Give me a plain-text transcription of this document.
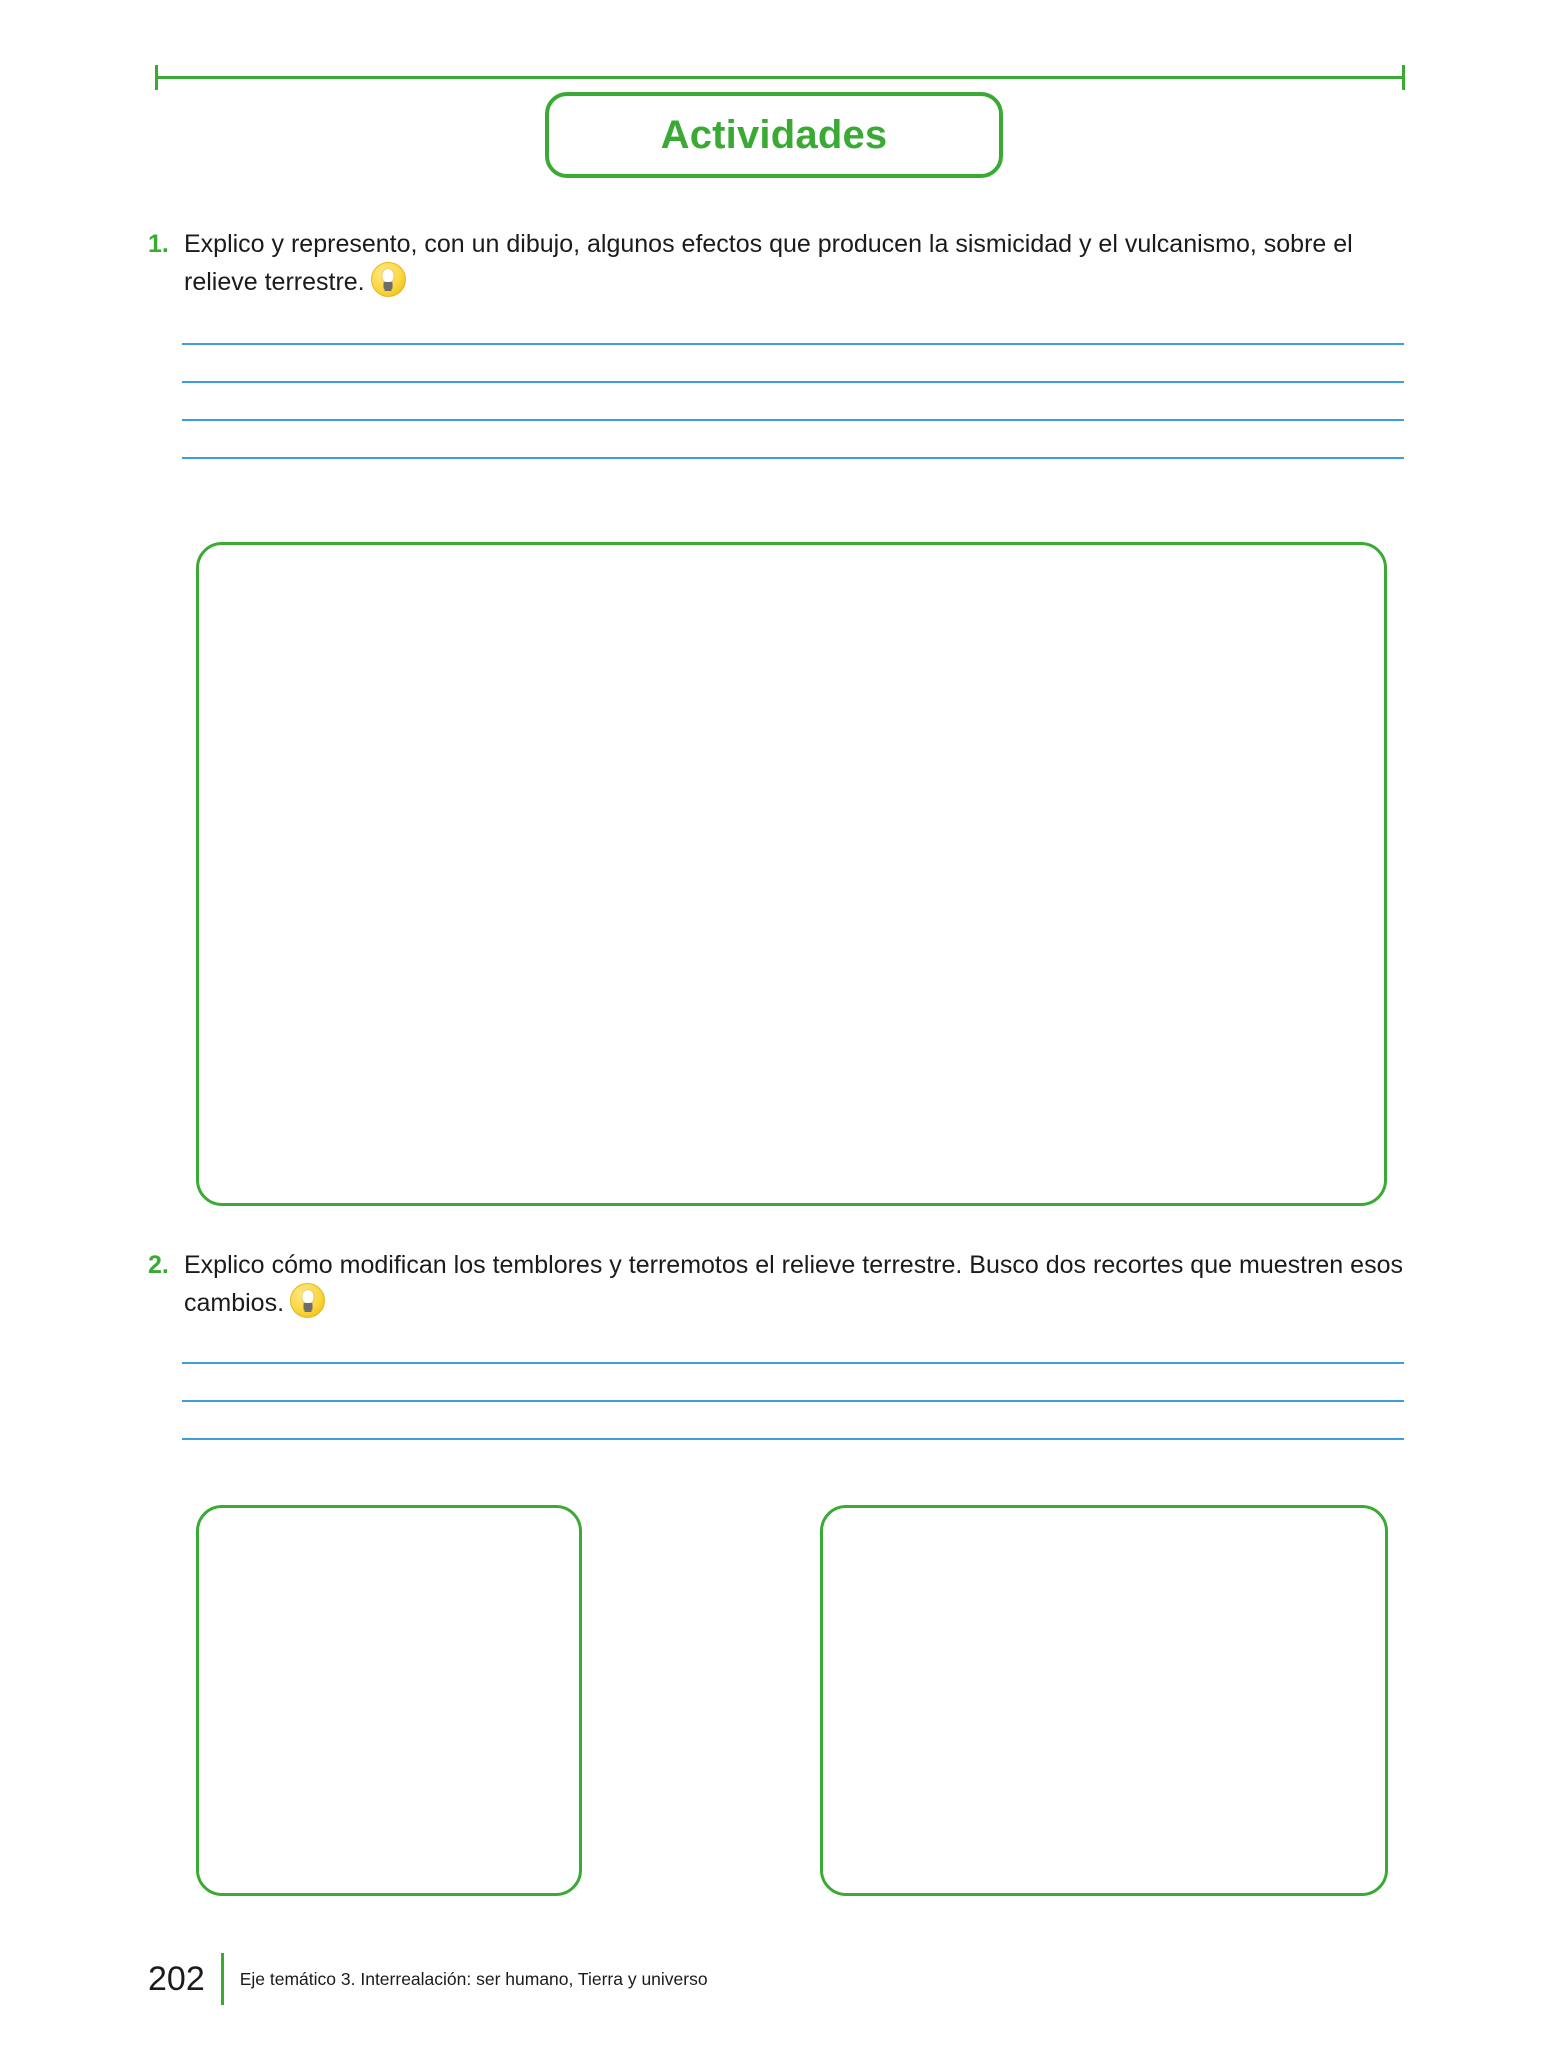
Actividades
1. Explico y represento, con un dibujo, algunos efectos que producen la sismicidad y el vulcanismo, sobre el relieve terrestre.
2. Explico cómo modifican los temblores y terremotos el relieve terrestre. Busco dos recortes que muestren esos cambios.
202	Eje temático 3. Interrealación: ser humano, Tierra y universo
